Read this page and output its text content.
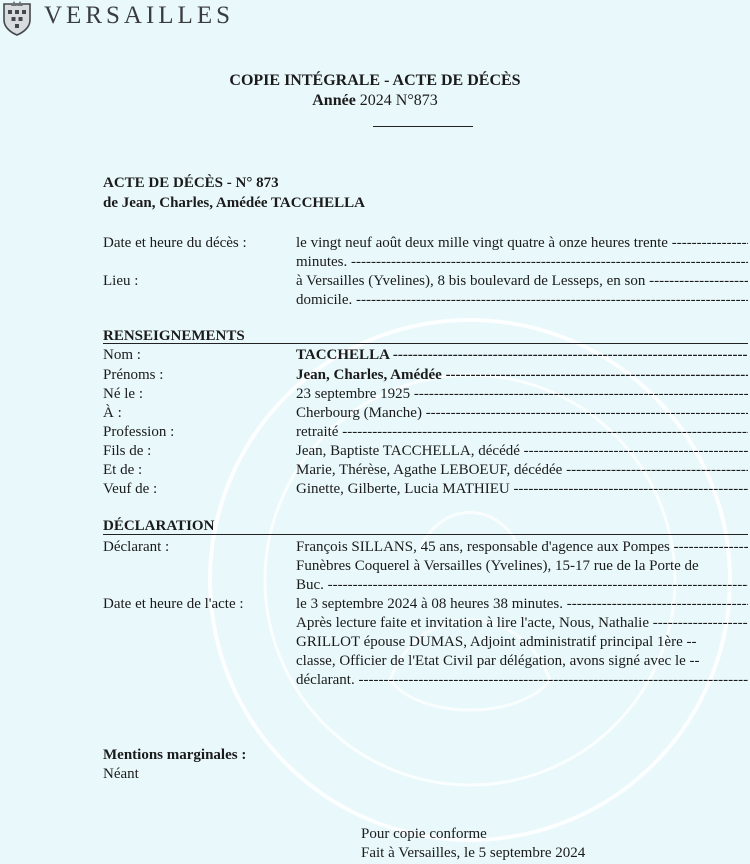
VERSAILLES
COPIE INTÉGRALE - ACTE DE DÉCÈS
Année 2024 N°873
ACTE DE DÉCÈS - N° 873
de Jean, Charles, Amédée TACCHELLA
Date et heure du décès :	le vingt neuf août deux mille vingt quatre à onze heures trente -----
minutes. -----
Lieu :	à Versailles (Yvelines), 8 bis boulevard de Lesseps, en son -----
domicile. -----
RENSEIGNEMENTS
Nom :	TACCHELLA -----
Prénoms :	Jean, Charles, Amédée -----
Né le :	23 septembre 1925 -----
À :	Cherbourg (Manche) -----
Profession :	retraité -----
Fils de :	Jean, Baptiste TACCHELLA, décédé -----
Et de :	Marie, Thérèse, Agathe LEBOEUF, décédée -----
Veuf de :	Ginette, Gilberte, Lucia MATHIEU -----
DÉCLARATION
Déclarant :	François SILLANS, 45 ans, responsable d'agence aux Pompes -----
Funèbres Coquerel à Versailles (Yvelines), 15-17 rue de la Porte de
Buc. -----
Date et heure de l'acte :	le 3 septembre 2024 à 08 heures 38 minutes. -----
Après lecture faite et invitation à lire l'acte, Nous, Nathalie -----
GRILLOT épouse DUMAS, Adjoint administratif principal 1ère --
classe, Officier de l'Etat Civil par délégation, avons signé avec le --
déclarant. -----
Mentions marginales :
Néant
Pour copie conforme
Fait à Versailles, le 5 septembre 2024
